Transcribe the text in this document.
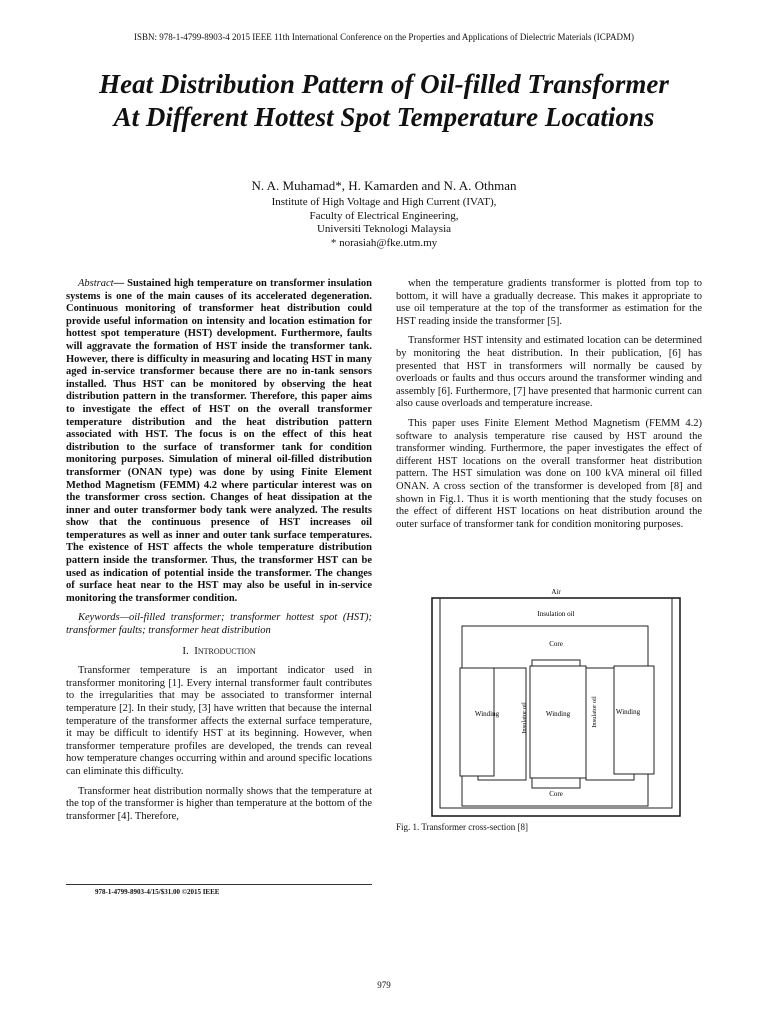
ISBN: 978-1-4799-8903-4 2015 IEEE 11th International Conference on the Properties and Applications of Dielectric Materials (ICPADM)
Heat Distribution Pattern of Oil-filled Transformer
At Different Hottest Spot Temperature Locations
N. A. Muhamad*, H. Kamarden and N. A. Othman
Institute of High Voltage and High Current (IVAT),
Faculty of Electrical Engineering,
Universiti Teknologi Malaysia
* norasiah@fke.utm.my

Abstract— Sustained high temperature on transformer insulation systems is one of the main causes of its accelerated degeneration. Continuous monitoring of transformer heat distribution could provide useful information on intensity and location estimation for hottest spot temperature (HST) development. Furthermore, faults will aggravate the formation of HST inside the transformer tank. However, there is difficulty in measuring and locating HST in many aged in-service transformer because there are no in-tank sensors installed. Thus HST can be monitored by observing the heat distribution pattern in the transformer. Therefore, this paper aims to investigate the effect of HST on the overall transformer temperature distribution and the heat distribution pattern associated with HST. The focus is on the effect of this heat distribution to the surface of transformer tank for condition monitoring purposes. Simulation of mineral oil-filled distribution transformer (ONAN type) was done by using Finite Element Method Magnetism (FEMM) 4.2 where particular interest was on the transformer cross section. Changes of heat dissipation at the inner and outer transformer body tank were analyzed. The results show that the continuous presence of HST increases oil temperatures as well as inner and outer tank surface temperatures. The existence of HST affects the whole temperature distribution pattern inside the transformer. Thus, the transformer HST can be used as indication of potential inside the transformer. The changes of surface heat near to the HST may also be useful in in-service monitoring the transformer condition.

Keywords—oil-filled transformer; transformer hottest spot (HST); transformer faults; transformer heat distribution

I. Introduction

Transformer temperature is an important indicator used in transformer monitoring [1]. Every internal transformer fault contributes to the irregularities that may be associated to transformer internal temperature [2]. In their study, [3] have written that because the internal temperature of the transformer affects the external surface temperature, it may be difficult to identify HST at its beginning. However, when transformer temperature profiles are developed, the trends can reveal how temperature changes occurring within and around specific locations can eliminate this difficulty.

Transformer heat distribution normally shows that the temperature at the top of the transformer is higher than temperature at the bottom of the transformer [4]. Therefore,

when the temperature gradients transformer is plotted from top to bottom, it will have a gradually decrease. This makes it appropriate to use oil temperature at the top of the transformer as estimation for the HST reading inside the transformer [5].

Transformer HST intensity and estimated location can be determined by monitoring the heat distribution. In their publication, [6] has presented that HST in transformers will normally be caused by overloads or faults and thus occurs around the transformer winding and assembly [6]. Furthermore, [7] have presented that harmonic current can also cause overloads and temperature increase.

This paper uses Finite Element Method Magnetism (FEMM 4.2) software to analysis temperature rise caused by HST around the transformer winding. Furthermore, the paper investigates the effect of different HST locations on the overall transformer heat distribution pattern. The HST simulation was done on 100 kVA mineral oil filled ONAN. A cross section of the transformer is developed from [8] and shown in Fig.1. Thus it is worth mentioning that the study focuses on the effect of different HST locations on heat distribution around the outer surface of transformer tank for condition monitoring purposes.

Air
Insulation oil
Core
Core
Winding	Winding	Winding
Insulator oil	Insulator oil
Fig. 1. Transformer cross-section [8]
978-1-4799-8903-4/15/$31.00 ©2015 IEEE
979
